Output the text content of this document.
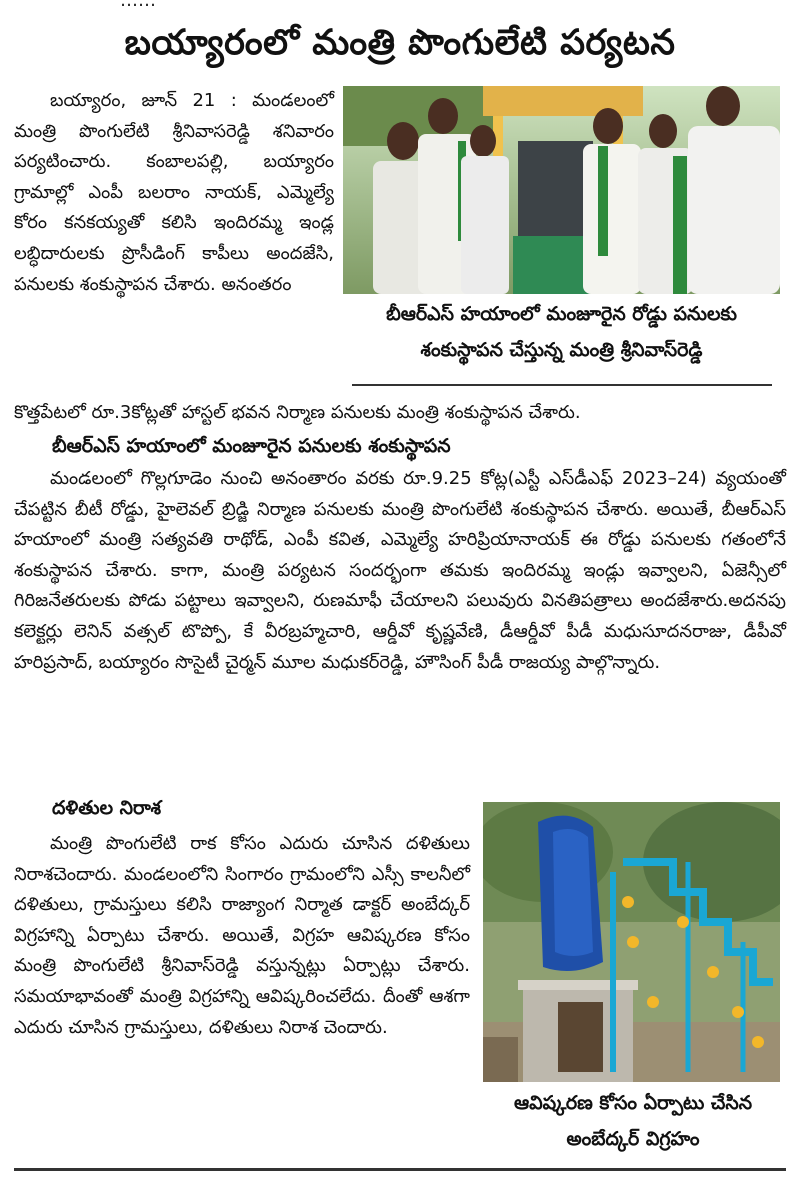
……
బయ్యారంలో మంత్రి పొంగులేటి పర్యటన

బయ్యారం, జూన్ 21 : మండలంలో మంత్రి పొంగులేటి శ్రీనివాసరెడ్డి శనివారం పర్యటించారు. కంబాలపల్లి, బయ్యారం గ్రామాల్లో ఎంపీ బలరాం నాయక్, ఎమ్మెల్యే కోరం కనకయ్యతో కలిసి ఇందిరమ్మ ఇండ్ల లబ్ధిదారులకు ప్రొసీడింగ్ కాపీలు అందజేసి, పనులకు శంకుస్థాపన చేశారు. అనంతరం

బీఆర్ఎస్ హయాంలో మంజూరైన రోడ్డు పనులకు శంకుస్థాపన చేస్తున్న మంత్రి శ్రీనివాస్‌రెడ్డి

కొత్తపేటలో రూ.3కోట్లతో హాస్టల్ భవన నిర్మాణ పనులకు మంత్రి శంకుస్థాపన చేశారు.

బీఆర్ఎస్ హయాంలో మంజూరైన పనులకు శంకుస్థాపన

మండలంలో గొల్లగూడెం నుంచి అనంతారం వరకు రూ.9.25 కోట్ల(ఎస్టీ ఎస్‌డీఎఫ్ 2023–24) వ్యయంతో చేపట్టిన బీటీ రోడ్డు, హైలెవల్ బ్రిడ్జి నిర్మాణ పనులకు మంత్రి పొంగులేటి శంకుస్థాపన చేశారు. అయితే, బీఆర్ఎస్ హయాంలో మంత్రి సత్యవతి రాథోడ్, ఎంపీ కవిత, ఎమ్మెల్యే హరిప్రియానాయక్ ఈ రోడ్డు పనులకు గతంలోనే శంకుస్థాపన చేశారు. కాగా, మంత్రి పర్యటన సందర్భంగా తమకు ఇందిరమ్మ ఇండ్లు ఇవ్వాలని, ఏజెన్సీలో గిరిజనేతరులకు పోడు పట్టాలు ఇవ్వాలని, రుణమాఫీ చేయాలని పలువురు వినతిపత్రాలు అందజేశారు.అదనపు కలెక్టర్లు లెనిన్ వత్సల్ టొప్పో, కే వీరబ్రహ్మచారి, ఆర్డీవో కృష్ణవేణి, డీఆర్డీవో పీడీ మధుసూదనరాజు, డీపీవో హరిప్రసాద్, బయ్యారం సొసైటీ చైర్మన్ మూల మధుకర్‌రెడ్డి, హౌసింగ్ పీడీ రాజయ్య పాల్గొన్నారు.

దళితుల నిరాశ

మంత్రి పొంగులేటి రాక కోసం ఎదురు చూసిన దళితులు నిరాశచెందారు. మండలంలోని సింగారం గ్రామంలోని ఎస్సీ కాలనీలో దళితులు, గ్రామస్తులు కలిసి రాజ్యాంగ నిర్మాత డాక్టర్ అంబేద్కర్ విగ్రహాన్ని ఏర్పాటు చేశారు. అయితే, విగ్రహ ఆవిష్కరణ కోసం మంత్రి పొంగులేటి శ్రీనివాస్‌రెడ్డి వస్తున్నట్లు ఏర్పాట్లు చేశారు. సమయాభావంతో మంత్రి విగ్రహాన్ని ఆవిష్కరించలేదు. దీంతో ఆశగా ఎదురు చూసిన గ్రామస్తులు, దళితులు నిరాశ చెందారు.

ఆవిష్కరణ కోసం ఏర్పాటు చేసిన అంబేద్కర్ విగ్రహం
